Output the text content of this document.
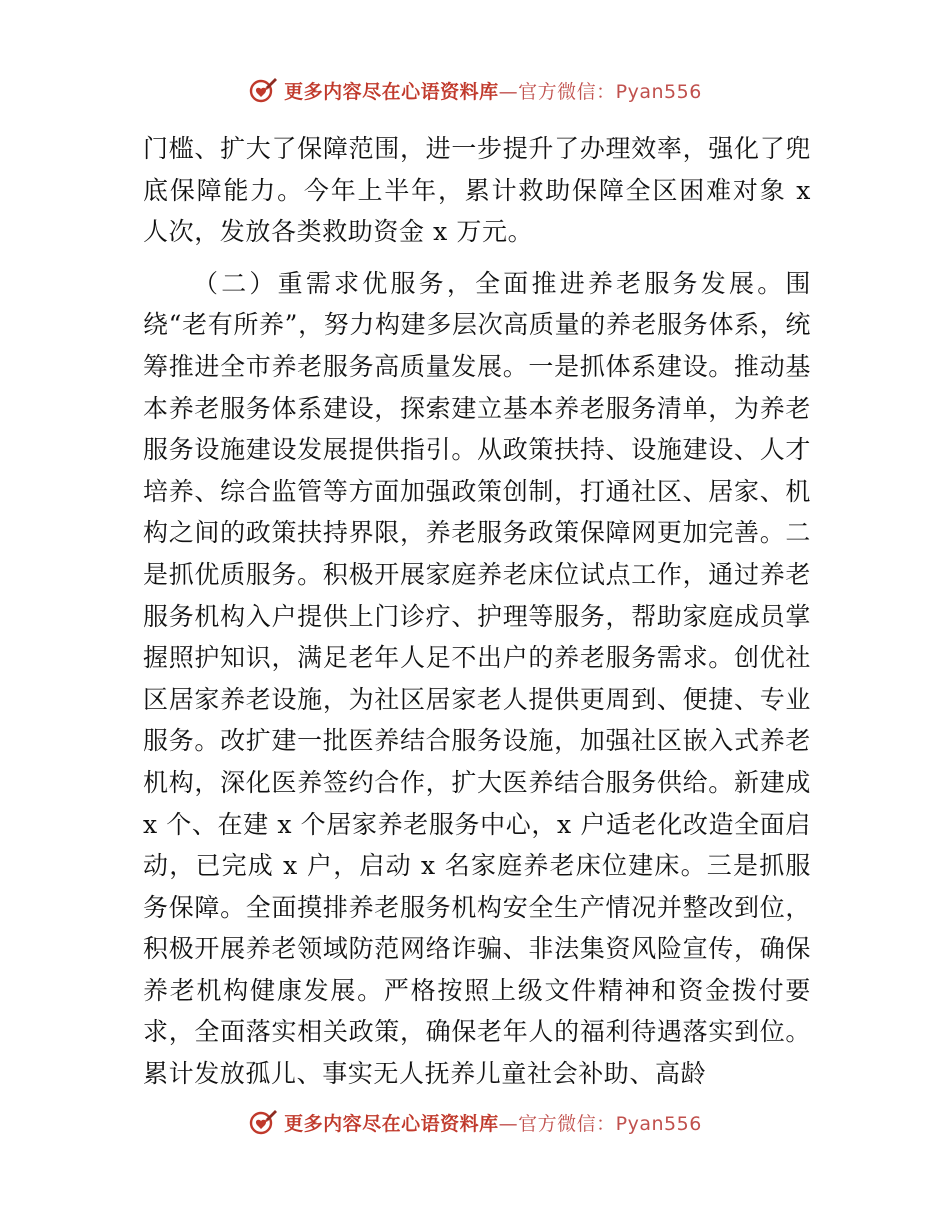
更多内容尽在心语资料库—官方微信：Pyan556

门槛、扩大了保障范围，进一步提升了办理效率，强化了兜底保障能力。今年上半年，累计救助保障全区困难对象 x 人次，发放各类救助资金 x 万元。

（二）重需求优服务，全面推进养老服务发展。围绕“老有所养”，努力构建多层次高质量的养老服务体系，统筹推进全市养老服务高质量发展。一是抓体系建设。推动基本养老服务体系建设，探索建立基本养老服务清单，为养老服务设施建设发展提供指引。从政策扶持、设施建设、人才培养、综合监管等方面加强政策创制，打通社区、居家、机构之间的政策扶持界限，养老服务政策保障网更加完善。二是抓优质服务。积极开展家庭养老床位试点工作，通过养老服务机构入户提供上门诊疗、护理等服务，帮助家庭成员掌握照护知识，满足老年人足不出户的养老服务需求。创优社区居家养老设施，为社区居家老人提供更周到、便捷、专业服务。改扩建一批医养结合服务设施，加强社区嵌入式养老机构，深化医养签约合作，扩大医养结合服务供给。新建成 x 个、在建 x 个居家养老服务中心，x 户适老化改造全面启动，已完成 x 户，启动 x 名家庭养老床位建床。三是抓服务保障。全面摸排养老服务机构安全生产情况并整改到位，积极开展养老领域防范网络诈骗、非法集资风险宣传，确保养老机构健康发展。严格按照上级文件精神和资金拨付要求，全面落实相关政策，确保老年人的福利待遇落实到位。累计发放孤儿、事实无人抚养儿童社会补助、高龄

更多内容尽在心语资料库—官方微信：Pyan556
